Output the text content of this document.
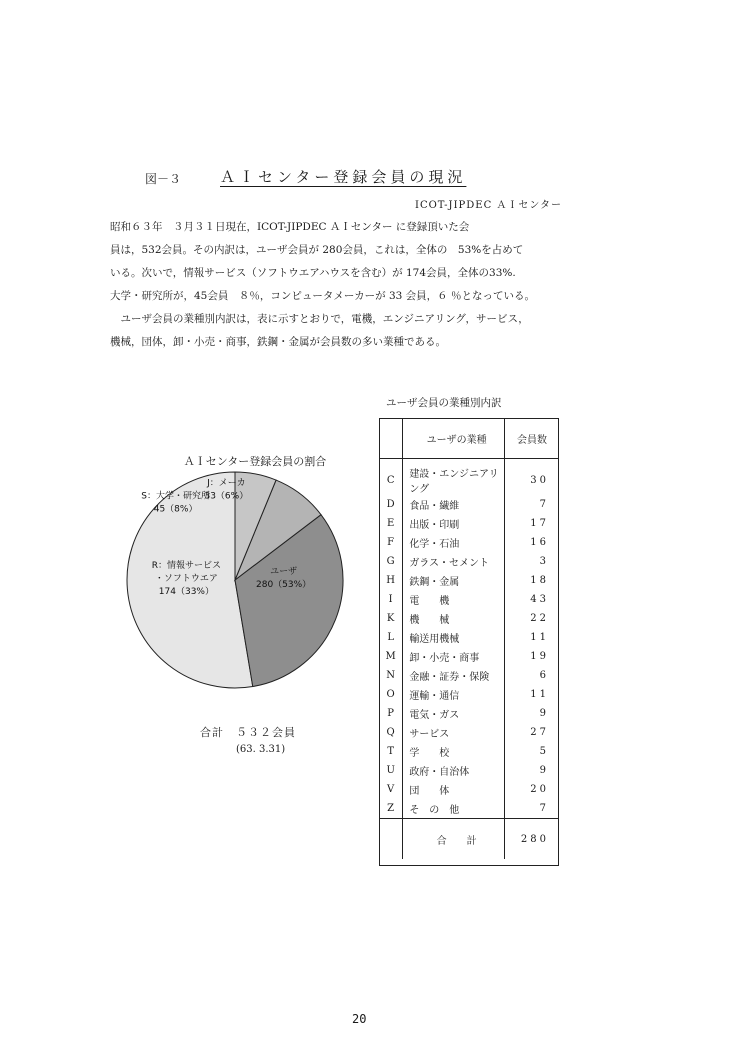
図－３	ＡＩセンター登録会員の現況
ICOT-JIPDEC ＡＩセンター

昭和６３年　３月３１日現在，ICOT-JIPDEC ＡＩセンター に登録頂いた会

員は，532会員。その内訳は，ユーザ会員が 280会員，これは，全体の　53%を占めて

いる。次いで，情報サービス（ソフトウエアハウスを含む）が 174会員，全体の33%.

大学・研究所が，45会員　８％，コンピュータメーカーが 33 会員，６ ％となっている。

　ユーザ会員の業種別内訳は，表に示すとおりで，電機，エンジニアリング，サービス，

機械，団体，卸・小売・商事，鉄鋼・金属が会員数の多い業種である。

ＡＩセンター登録会員の割合
ユーザ
280（53%）
R：情報サービス
・ソフトウエア
174（33%）
S：大学・研究所
45（8%）
J：メーカ
33（6%）
合計　５３２会員
(63. 3.31)
ユーザ会員の業種別内訳
	ユーザの業種	会員数
C	建設・エンジニアリング	30
D	食品・繊維	7
E	出版・印刷	17
F	化学・石油	16
G	ガラス・セメント	3
H	鉄鋼・金属	18
I	電　　機	43
K	機　　械	22
L	輸送用機械	11
M	卸・小売・商事	19
N	金融・証券・保険	6
O	運輸・通信	11
P	電気・ガス	9
Q	サービス	27
T	学　　校	5
U	政府・自治体	9
V	団　　体	20
Z	そ　の　他	7
	合　　計	280
20
